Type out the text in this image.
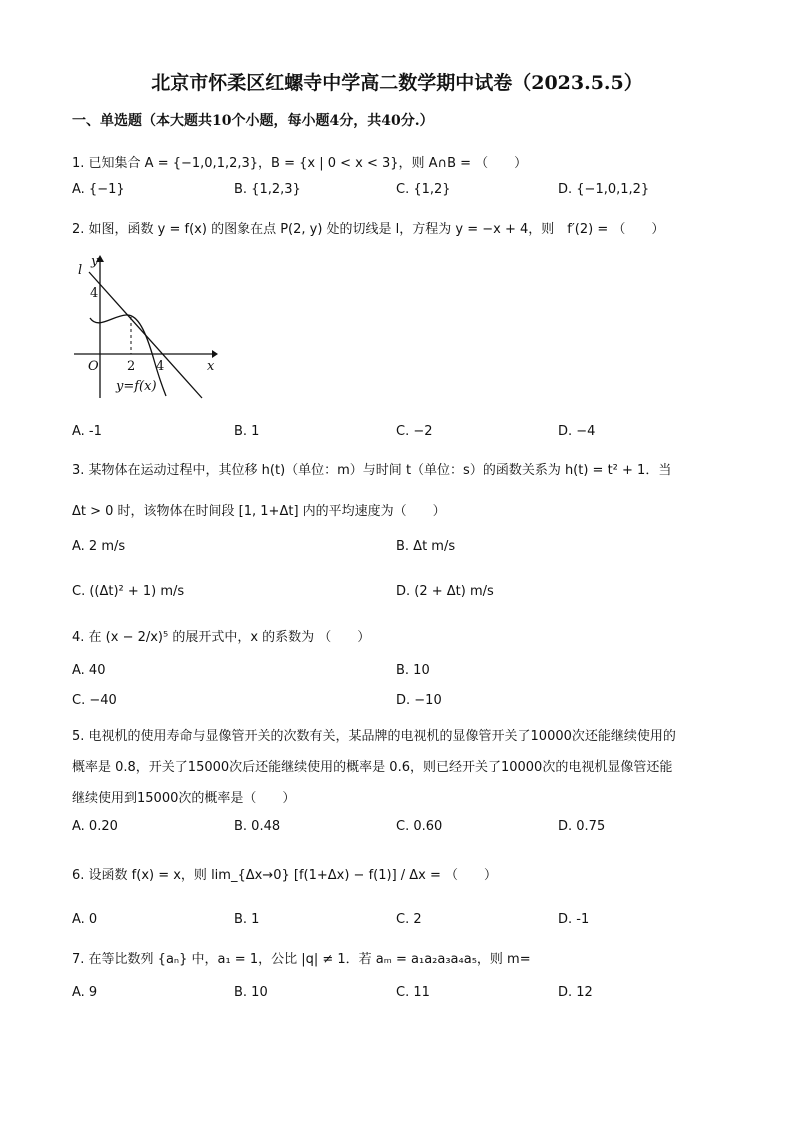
北京市怀柔区红螺寺中学高二数学期中试卷（2023.5.5）
一、单选题（本大题共10个小题，每小题4分，共40分.）
1. 已知集合 A = {−1,0,1,2,3}，B = {x | 0 < x < 3}，则 A∩B = （　　）
A. {−1}	B. {1,2,3}	C. {1,2}	D. {−1,0,1,2}
2. 如图，函数 y = f(x) 的图象在点 P(2, y) 处的切线是 l，方程为 y = −x + 4，则　f′(2) = （　　）
l
y
4
O 2 4	x
y=f(x)
A. -1	B. 1	C. −2	D. −4
3. 某物体在运动过程中，其位移 h(t)（单位：m）与时间 t（单位：s）的函数关系为 h(t) = t² + 1．当
Δt > 0 时，该物体在时间段 [1, 1+Δt] 内的平均速度为（　　）
A. 2 m/s	B. Δt m/s
C. ((Δt)² + 1) m/s	D. (2 + Δt) m/s
4. 在 (x − 2/x)⁵ 的展开式中，x 的系数为 （　　）
A. 40	B. 10
C. −40	D. −10
5. 电视机的使用寿命与显像管开关的次数有关，某品牌的电视机的显像管开关了10000次还能继续使用的
概率是 0.8，开关了15000次后还能继续使用的概率是 0.6，则已经开关了10000次的电视机显像管还能
继续使用到15000次的概率是（　　）
A. 0.20	B. 0.48	C. 0.60	D. 0.75
6. 设函数 f(x) = x，则 lim_{Δx→0} [f(1+Δx) − f(1)] / Δx = （　　）
A. 0	B. 1	C. 2	D. -1
7. 在等比数列 {aₙ} 中，a₁ = 1，公比 |q| ≠ 1．若 aₘ = a₁a₂a₃a₄a₅，则 m=
A. 9	B. 10	C. 11	D. 12
